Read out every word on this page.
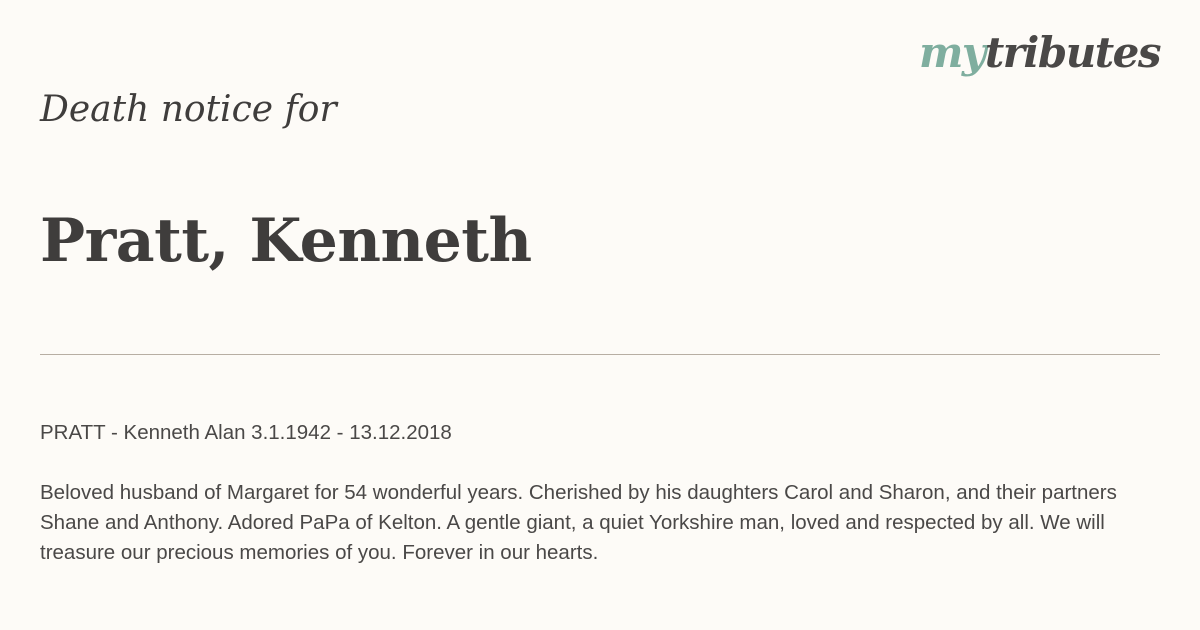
mytributes
Death notice for
Pratt, Kenneth

PRATT - Kenneth Alan 3.1.1942 - 13.12.2018

Beloved husband of Margaret for 54 wonderful years. Cherished by his daughters Carol and Sharon, and their partners Shane and Anthony. Adored PaPa of Kelton. A gentle giant, a quiet Yorkshire man, loved and respected by all. We will treasure our precious memories of you. Forever in our hearts.
